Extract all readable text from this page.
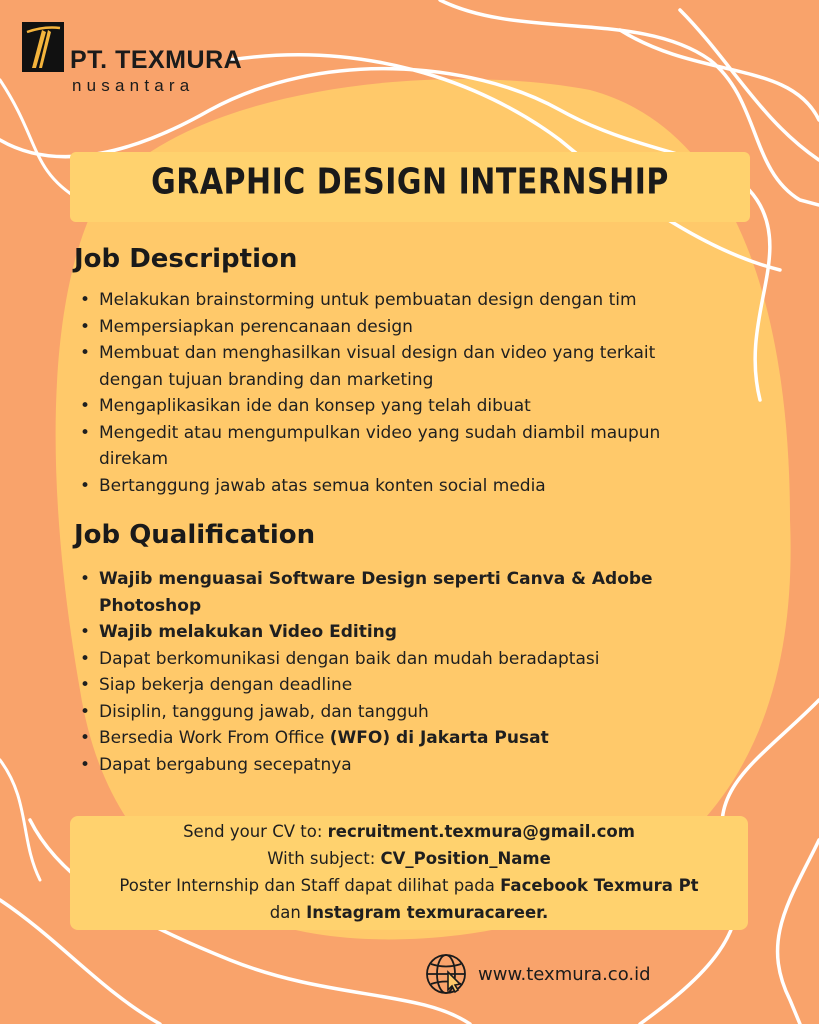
PT. TEXMURA
nusantara
GRAPHIC DESIGN INTERNSHIP
Job Description
• Melakukan brainstorming untuk pembuatan design dengan tim
• Mempersiapkan perencanaan design
• Membuat dan menghasilkan visual design dan video yang terkait dengan tujuan branding dan marketing
• Mengaplikasikan ide dan konsep yang telah dibuat
• Mengedit atau mengumpulkan video yang sudah diambil maupun direkam
• Bertanggung jawab atas semua konten social media
Job Qualification
• Wajib menguasai Software Design seperti Canva & Adobe Photoshop
• Wajib melakukan Video Editing
• Dapat berkomunikasi dengan baik dan mudah beradaptasi
• Siap bekerja dengan deadline
• Disiplin, tanggung jawab, dan tangguh
• Bersedia Work From Office (WFO) di Jakarta Pusat
• Dapat bergabung secepatnya
Send your CV to: recruitment.texmura@gmail.com
With subject: CV_Position_Name
Poster Internship dan Staff dapat dilihat pada Facebook Texmura Pt
dan Instagram texmuracareer.
www.texmura.co.id
